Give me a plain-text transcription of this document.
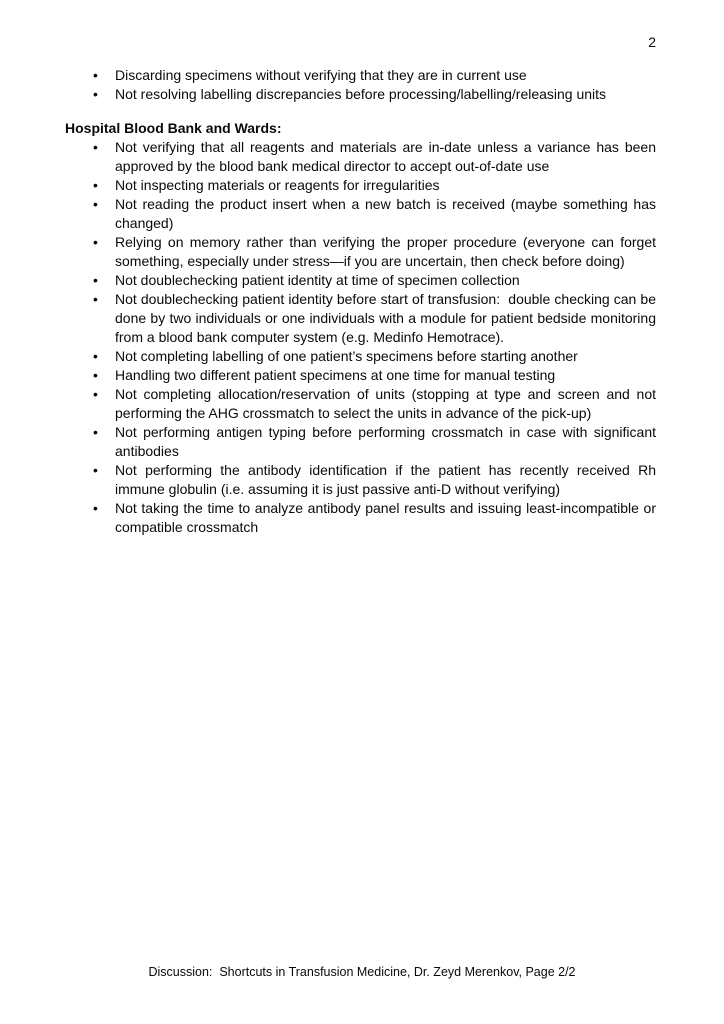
2
• Discarding specimens without verifying that they are in current use
• Not resolving labelling discrepancies before processing/labelling/releasing units
Hospital Blood Bank and Wards:
• Not verifying that all reagents and materials are in-date unless a variance has been approved by the blood bank medical director to accept out-of-date use
• Not inspecting materials or reagents for irregularities
• Not reading the product insert when a new batch is received (maybe something has changed)
• Relying on memory rather than verifying the proper procedure (everyone can forget something, especially under stress—if you are uncertain, then check before doing)
• Not doublechecking patient identity at time of specimen collection
• Not doublechecking patient identity before start of transfusion:  double checking can be done by two individuals or one individuals with a module for patient bedside monitoring from a blood bank computer system (e.g. Medinfo Hemotrace).
• Not completing labelling of one patient’s specimens before starting another
• Handling two different patient specimens at one time for manual testing
• Not completing allocation/reservation of units (stopping at type and screen and not performing the AHG crossmatch to select the units in advance of the pick-up)
• Not performing antigen typing before performing crossmatch in case with significant antibodies
• Not performing the antibody identification if the patient has recently received Rh immune globulin (i.e. assuming it is just passive anti-D without verifying)
• Not taking the time to analyze antibody panel results and issuing least-incompatible or compatible crossmatch
Discussion:  Shortcuts in Transfusion Medicine, Dr. Zeyd Merenkov, Page 2/2
